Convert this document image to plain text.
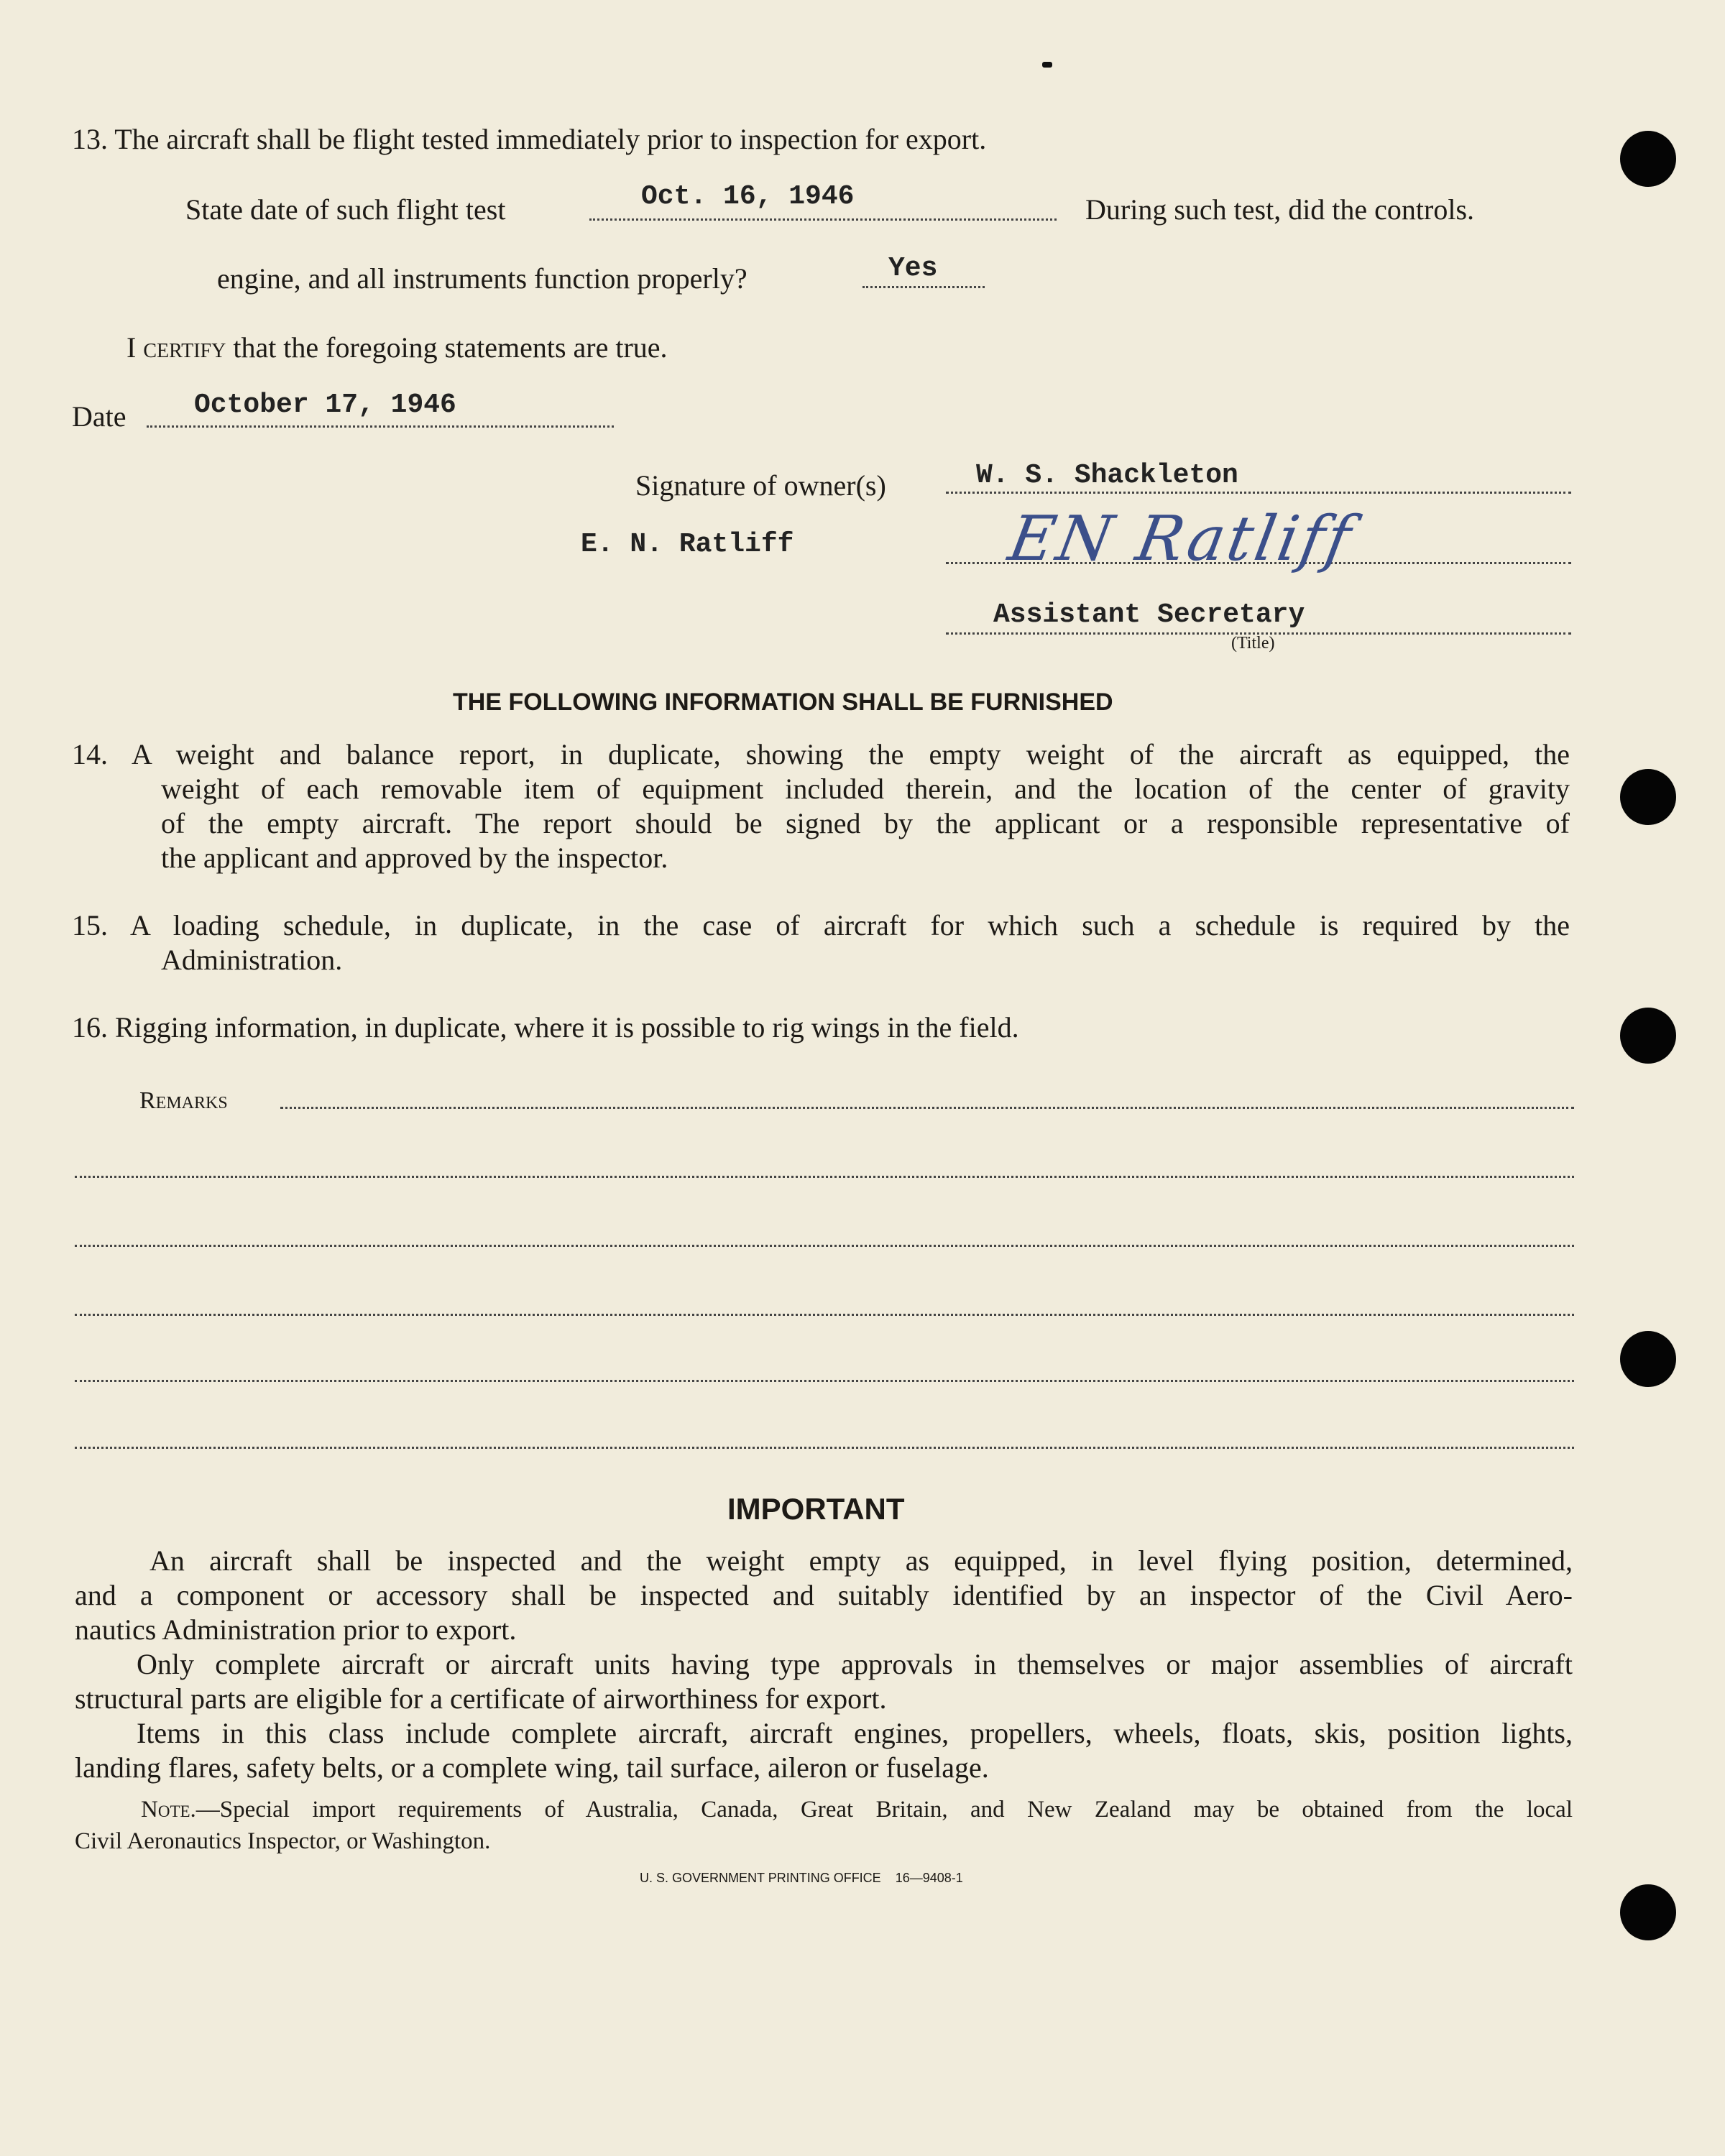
13. The aircraft shall be flight tested immediately prior to inspection for export.
State date of such flight test	Oct. 16, 1946	During such test, did the controls.
engine, and all instruments function properly?	Yes
I certify that the foregoing statements are true.
Date October 17, 1946
Signature of owner(s)	W. S. Shackleton
E. N. Ratliff	EN Ratliff
Assistant Secretary
(Title)
THE FOLLOWING INFORMATION SHALL BE FURNISHED
14. A weight and balance report, in duplicate, showing the empty weight of the aircraft as equipped, the
weight of each removable item of equipment included therein, and the location of the center of gravity
of the empty aircraft. The report should be signed by the applicant or a responsible representative of
the applicant and approved by the inspector.
15. A loading schedule, in duplicate, in the case of aircraft for which such a schedule is required by the
Administration.
16. Rigging information, in duplicate, where it is possible to rig wings in the field.
Remarks
IMPORTANT
An aircraft shall be inspected and the weight empty as equipped, in level flying position, determined,
and a component or accessory shall be inspected and suitably identified by an inspector of the Civil Aero-
nautics Administration prior to export.
Only complete aircraft or aircraft units having type approvals in themselves or major assemblies of aircraft
structural parts are eligible for a certificate of airworthiness for export.
Items in this class include complete aircraft, aircraft engines, propellers, wheels, floats, skis, position lights,
landing flares, safety belts, or a complete wing, tail surface, aileron or fuselage.
Note.—Special import requirements of Australia, Canada, Great Britain, and New Zealand may be obtained from the local
Civil Aeronautics Inspector, or Washington.
U. S. GOVERNMENT PRINTING OFFICE 16—9408-1
